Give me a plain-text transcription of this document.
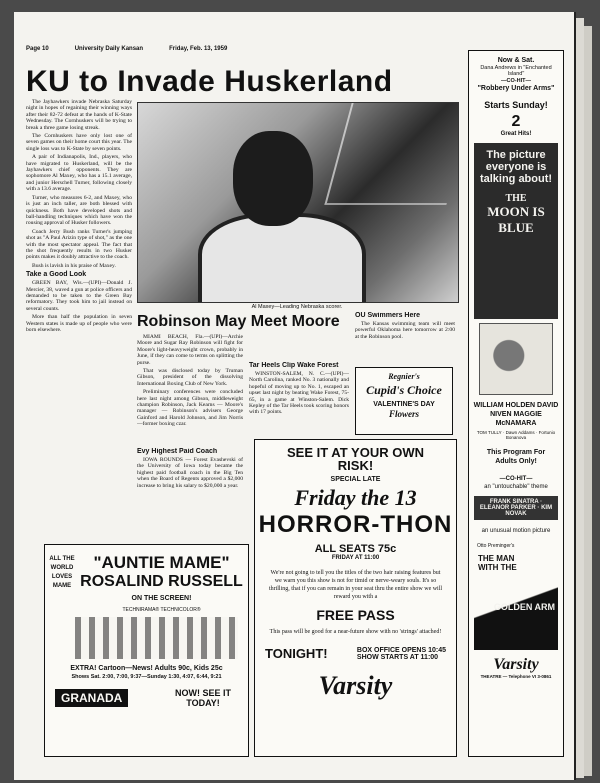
Page 10	University Daily Kansan	Friday, Feb. 13, 1959
KU to Invade Huskerland

The Jayhawkers invade Nebraska Saturday night in hopes of regaining their winning ways after their 82-72 defeat at the hands of K-State Wednesday. The Cornhuskers will be trying to break a three game losing streak.

The Cornhuskers have only lost one of seven games on their home court this year. The single loss was to K-State by seven points.

A pair of Indianapolis, Ind., players, who have migrated to Huskerland, will be the Jayhawkers chief opponents. They are sophomore Al Maxey, who has a 15.1 average, and junior Herschell Turner, following closely with a 13.6 average.

Turner, who measures 6-2, and Maxey, who is just an inch taller, are both blessed with quickness. Both have developed shots and ball-handling techniques which have won the rousing approval of Husker followers.

Coach Jerry Bush ranks Turner's jumping shot as "A Paul Arizin type of shot," as the one with the most spectator appeal. The fact that the shot frequently results in two Husker points makes it doubly attractive to the coach.

Bush is lavish in his praise of Maxey.

Take a Good Look

GREEN BAY, Wis.—(UPI)—Donald J. Mercier, 38, waved a gun at police officers and demanded to be taken to the Green Bay reformatory. They took him to jail instead on several counts.

More than half the population in seven Western states is made up of people who were born elsewhere.

Al Maxey—Leading Nebraska scorer.
Robinson May Meet Moore

MIAMI BEACH, Fla.—(UPI)—Archie Moore and Sugar Ray Robinson will fight for Moore's light-heavyweight crown, probably in June, if they can come to terms on splitting the purse.

That was disclosed today by Truman Gibson, president of the dissolving International Boxing Club of New York.

Preliminary conferences were concluded here last night among Gibson, middleweight champion Robinson, Jack Kearns — Moore's manager — Robinson's advisers George Gainford and Harold Johnson, and Jim Norris—former boxing czar.

Evy Highest Paid Coach

IOWA ROUNDS — Forest Evashevski of the University of Iowa today became the highest paid football coach in the Big Ten when the Board of Regents approved a $2,000 increase to bring his salary to $20,000 a year.

Tar Heels Clip Wake Forest

WINSTON-SALEM, N. C.—(UPI)—North Carolina, ranked No. 3 nationally and hopeful of moving up to No. 1, escaped an upset last night by beating Wake Forest, 75-65, in a game at Winston-Salem. Dick Kepley of the Tar Heels took scoring honors with 17 points.

OU Swimmers Here

The Kansas swimming team will meet powerful Oklahoma here tomorrow at 2:00 at the Robinson pool.

Regnier's
Cupid's Choice
VALENTINE'S DAY
Flowers
SEE IT AT YOUR OWN RISK!
SPECIAL LATE
Friday the 13
HORROR-THON
ALL SEATS 75c
FRIDAY AT 11:00
We're not going to tell you the titles of the two hair raising features but we warn you this show is not for timid or nerve-weary souls. It's so thrilling, that if you can remain in your seat thru the entire show we will reward you with a
FREE PASS
This pass will be good for a near-future show with no 'strings' attached!
TONIGHT!	BOX OFFICE OPENS 10:45
SHOW STARTS AT 11:00
Varsity
ALL THE WORLD LOVES MAME
"AUNTIE MAME"
ROSALIND RUSSELL
ON THE SCREEN!
TECHNIRAMA® TECHNICOLOR®
EXTRA! Cartoon—News! Adults 90c, Kids 25c
Shows Sat. 2:00, 7:00, 9:37—Sunday 1:30, 4:07, 6:44, 9:21
GRANADA	NOW! SEE IT TODAY!
Now & Sat.
Dana Andrews in "Enchanted Island"
—CO-HIT—
"Robbery Under Arms"
Starts Sunday!
2
Great Hits!
The picture everyone is talking about!
THE
MOON IS
BLUE
WILLIAM HOLDEN DAVID NIVEN MAGGIE McNAMARA
TOM TULLY · Dawn Addams · Fortunio Bonanova
This Program For Adults Only!
—CO-HIT—
an "untouchable" theme
FRANK SINATRA · ELEANOR PARKER · KIM NOVAK
an unusual motion picture
Otto Preminger's
THE MAN WITH THE
GOLDEN ARM
Varsity
THEATRE — Telephone VI 3-0861
